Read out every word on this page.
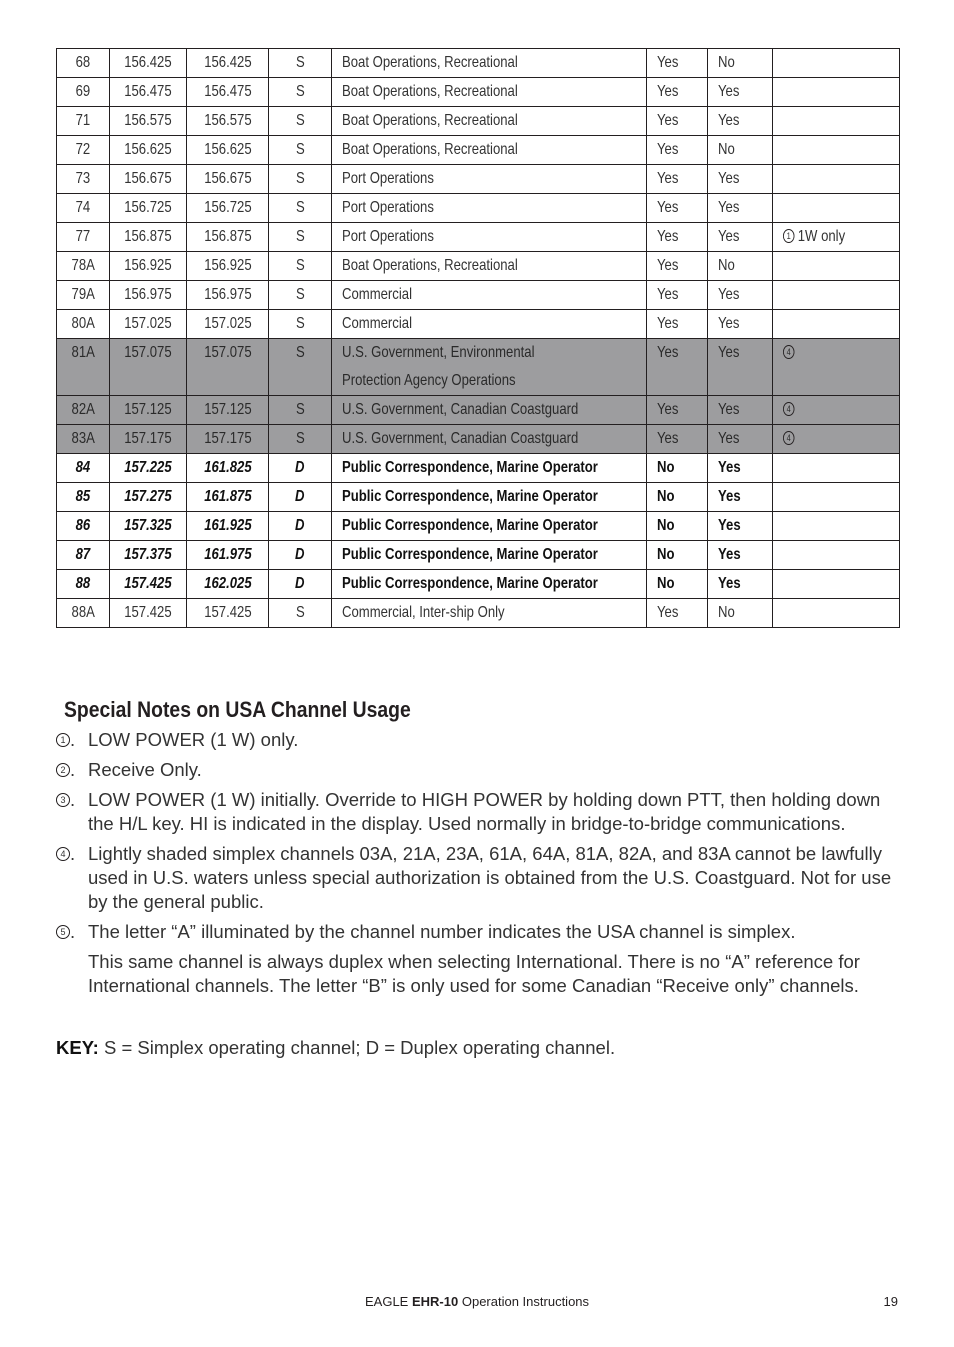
68	156.425	156.425	S	Boat Operations, Recreational	Yes	No	
69	156.475	156.475	S	Boat Operations, Recreational	Yes	Yes	
71	156.575	156.575	S	Boat Operations, Recreational	Yes	Yes	
72	156.625	156.625	S	Boat Operations, Recreational	Yes	No	
73	156.675	156.675	S	Port Operations	Yes	Yes	
74	156.725	156.725	S	Port Operations	Yes	Yes	
77	156.875	156.875	S	Port Operations	Yes	Yes	1 1W only
78A	156.925	156.925	S	Boat Operations, Recreational	Yes	No	
79A	156.975	156.975	S	Commercial	Yes	Yes	
80A	157.025	157.025	S	Commercial	Yes	Yes	
81A	157.075	157.075	S	U.S. Government, Environmental Protection Agency Operations	Yes	Yes	4
82A	157.125	157.125	S	U.S. Government, Canadian Coastguard	Yes	Yes	4
83A	157.175	157.175	S	U.S. Government, Canadian Coastguard	Yes	Yes	4
84	157.225	161.825	D	Public Correspondence, Marine Operator	No	Yes	
85	157.275	161.875	D	Public Correspondence, Marine Operator	No	Yes	
86	157.325	161.925	D	Public Correspondence, Marine Operator	No	Yes	
87	157.375	161.975	D	Public Correspondence, Marine Operator	No	Yes	
88	157.425	162.025	D	Public Correspondence, Marine Operator	No	Yes	
88A	157.425	157.425	S	Commercial, Inter-ship Only	Yes	No	
Special Notes on USA Channel Usage
1 . LOW POWER (1 W) only.
2 . Receive Only.
3 . LOW POWER (1 W) initially. Override to HIGH POWER by holding down PTT, then holding down the H/L key. HI is indicated in the display. Used normally in bridge-to-bridge communications.
4 . Lightly shaded simplex channels 03A, 21A, 23A, 61A, 64A, 81A, 82A, and 83A cannot be lawfully used in U.S. waters unless special authorization is obtained from the U.S. Coastguard. Not for use by the general public.
5 . The letter “A” illuminated by the channel number indicates the USA channel is simplex.
This same channel is always duplex when selecting International. There is no “A” reference for International channels. The letter “B” is only used for some Canadian “Receive only” channels.
KEY: S = Simplex operating channel; D = Duplex operating channel.
EAGLE EHR-10 Operation Instructions	19
